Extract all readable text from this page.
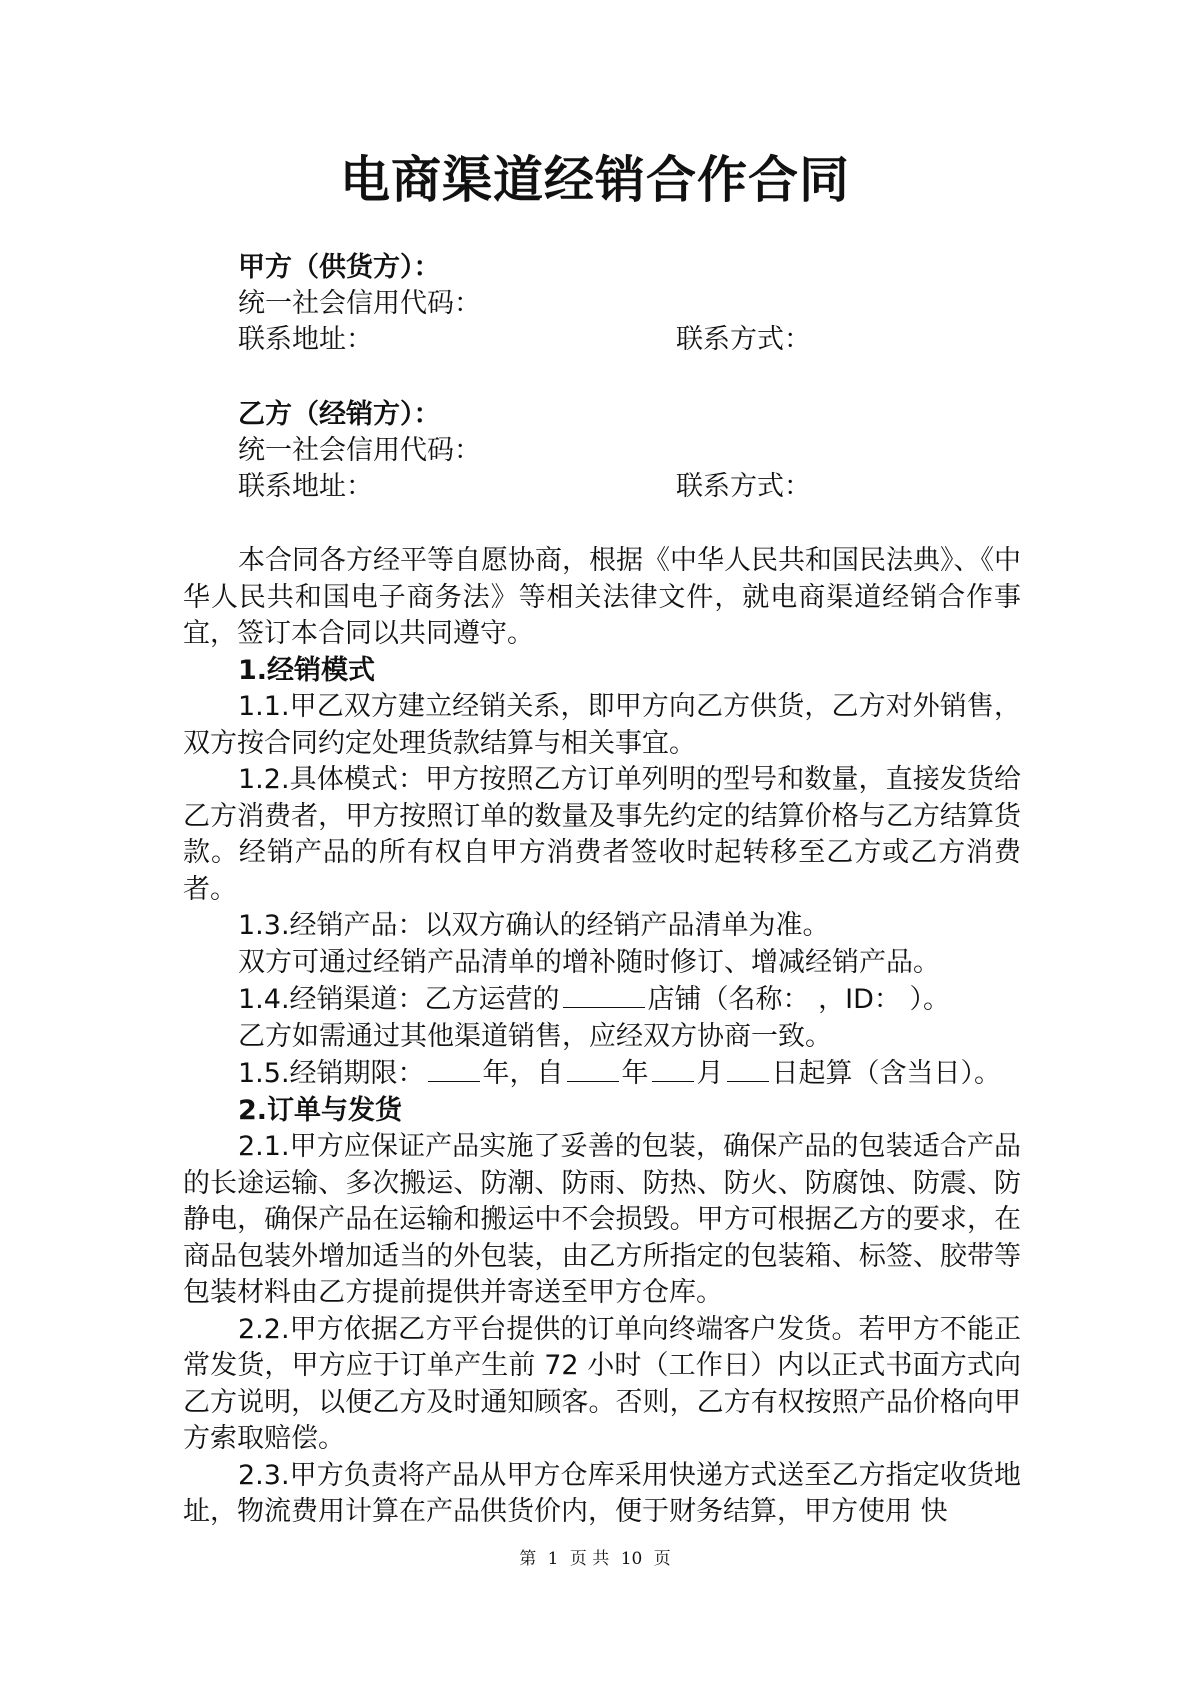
电商渠道经销合作合同
甲方（供货方）：
统一社会信用代码：
联系地址：	联系方式：
乙方（经销方）：
统一社会信用代码：
联系地址：	联系方式：

本合同各方经平等自愿协商，根据《中华人民共和国民法典》、《中华人民共和国电子商务法》等相关法律文件，就电商渠道经销合作事宜，签订本合同以共同遵守。

1.经销模式

1.1.甲乙双方建立经销关系，即甲方向乙方供货，乙方对外销售，双方按合同约定处理货款结算与相关事宜。

1.2.具体模式：甲方按照乙方订单列明的型号和数量，直接发货给乙方消费者，甲方按照订单的数量及事先约定的结算价格与乙方结算货款。经销产品的所有权自甲方消费者签收时起转移至乙方或乙方消费者。

1.3.经销产品：以双方确认的经销产品清单为准。

双方可通过经销产品清单的增补随时修订、增减经销产品。

1.4.经销渠道：乙方运营的	店铺（名称： ，ID： ）。

乙方如需通过其他渠道销售，应经双方协商一致。

1.5.经销期限： 年，自 年 月 日起算（含当日）。

2.订单与发货

2.1.甲方应保证产品实施了妥善的包装，确保产品的包装适合产品的长途运输、多次搬运、防潮、防雨、防热、防火、防腐蚀、防震、防静电，确保产品在运输和搬运中不会损毁。甲方可根据乙方的要求，在商品包装外增加适当的外包装，由乙方所指定的包装箱、标签、胶带等包装材料由乙方提前提供并寄送至甲方仓库。

2.2.甲方依据乙方平台提供的订单向终端客户发货。若甲方不能正常发货，甲方应于订单产生前 72 小时（工作日）内以正式书面方式向乙方说明，以便乙方及时通知顾客。否则，乙方有权按照产品价格向甲方索取赔偿。

2.3.甲方负责将产品从甲方仓库采用快递方式送至乙方指定收货地址，物流费用计算在产品供货价内，便于财务结算，甲方使用 快

第 1 页 共 10 页
